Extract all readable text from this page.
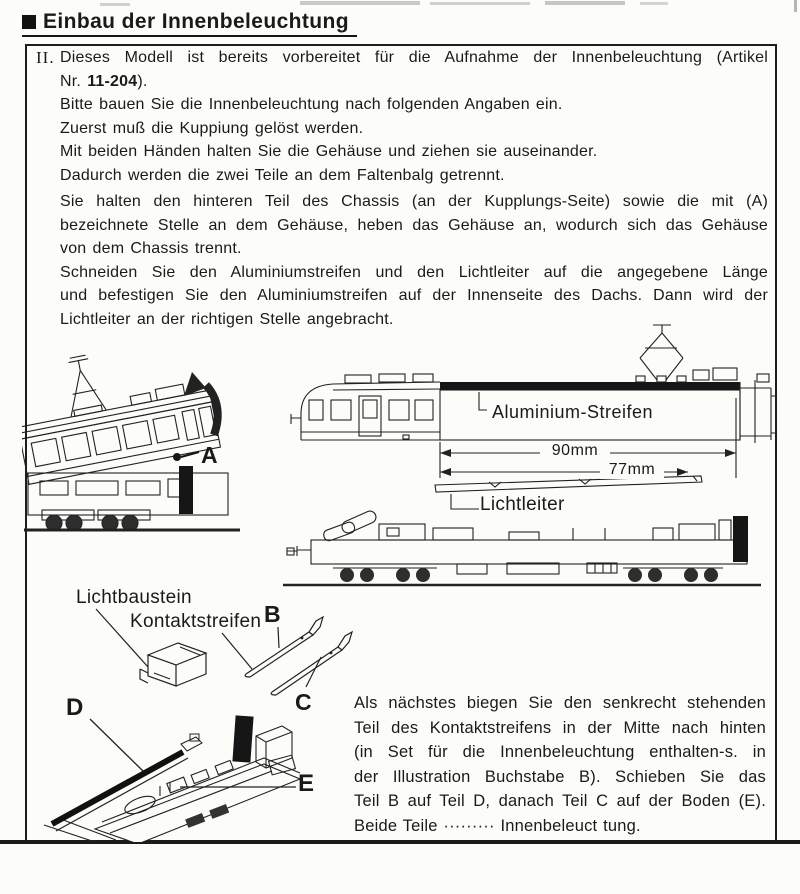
Einbau der Innenbeleuchtung
II. Dieses Modell ist bereits vorbereitet für die Aufnahme der Innenbeleuchtung (Artikel
Nr. 11-204).
Bitte bauen Sie die Innenbeleuchtung nach folgenden Angaben ein.
Zuerst muß die Kuppiung gelöst werden.
Mit beiden Händen halten Sie die Gehäuse und ziehen sie auseinander.
Dadurch werden die zwei Teile an dem Faltenbalg getrennt.
Sie halten den hinteren Teil des Chassis (an der Kupplungs-Seite) sowie die mit (A)
bezeichnete Stelle an dem Gehäuse, heben das Gehäuse an, wodurch sich das Gehäuse
von dem Chassis trennt.
Schneiden Sie den Aluminiumstreifen und den Lichtleiter auf die angegebene Länge
und befestigen Sie den Aluminiumstreifen auf der Innenseite des Dachs. Dann wird der
Lichtleiter an der richtigen Stelle angebracht.
A
Aluminium-Streifen
90mm
77mm
Lichtleiter
Lichtbaustein
Kontaktstreifen B
C
D
E
Als nächstes biegen Sie den senkrecht stehenden
Teil des Kontaktstreifens in der Mitte nach hinten
(in Set für die Innenbeleuchtung enthalten-s. in
der Illustration Buchstabe B). Schieben Sie das
Teil B auf Teil D, danach Teil C auf der Boden (E).
Beide Teile ········· Innenbeleuct tung.
